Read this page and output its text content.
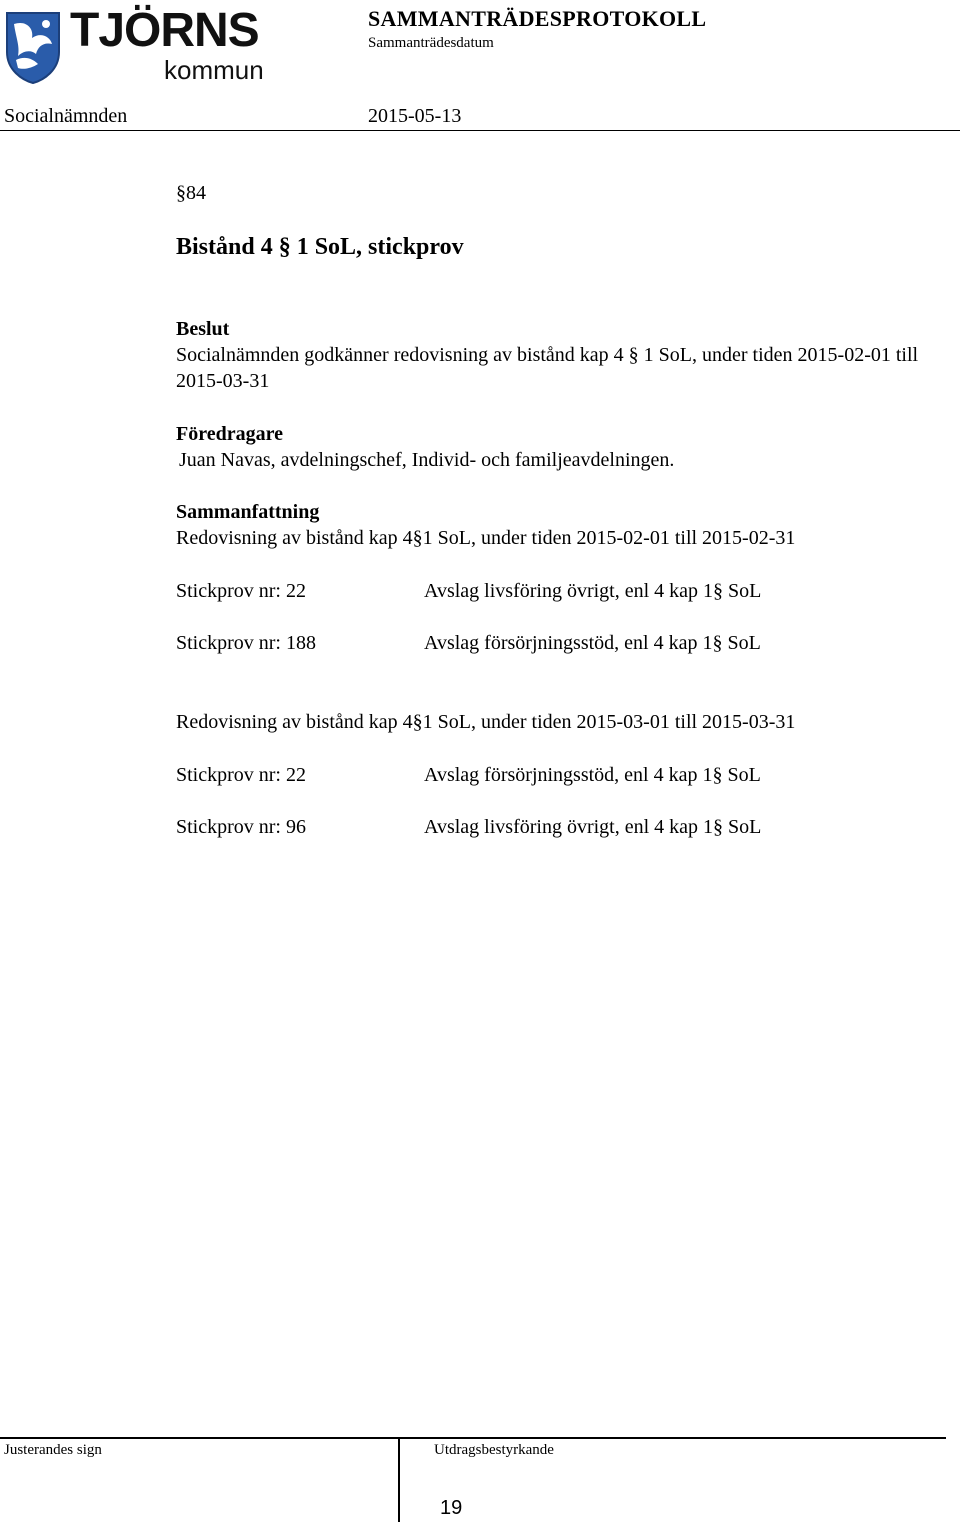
TJÖRNS
kommun
SAMMANTRÄDESPROTOKOLL
Sammanträdesdatum
Socialnämnden	2015-05-13
§84
Bistånd 4 § 1 SoL, stickprov
Beslut
Socialnämnden godkänner redovisning av bistånd kap 4 § 1 SoL, under tiden 2015-02-01 till 2015-03-31
Föredragare
Juan Navas, avdelningschef, Individ- och familjeavdelningen.
Sammanfattning
Redovisning av bistånd kap 4§1 SoL, under tiden 2015-02-01 till 2015-02-31
Stickprov nr: 22	Avslag livsföring övrigt, enl 4 kap 1§ SoL
Stickprov nr: 188	Avslag försörjningsstöd, enl 4 kap 1§ SoL
Redovisning av bistånd kap 4§1 SoL, under tiden 2015-03-01 till 2015-03-31
Stickprov nr: 22	Avslag försörjningsstöd, enl 4 kap 1§ SoL
Stickprov nr: 96	Avslag livsföring övrigt, enl 4 kap 1§ SoL
Justerandes sign	Utdragsbestyrkande
19
